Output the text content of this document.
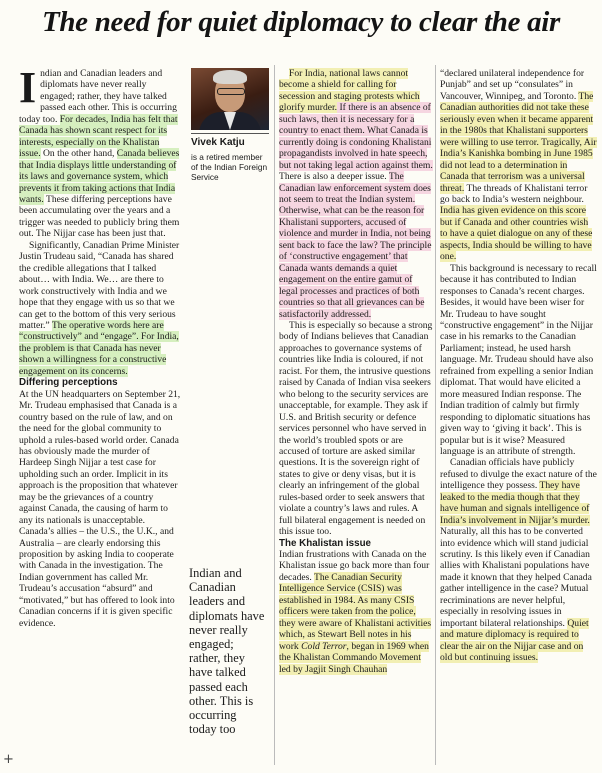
The need for quiet diplomacy to clear the air

Indian and Canadian leaders and diplomats have never really engaged; rather, they have talked passed each other. This is occurring today too. For decades, India has felt that Canada has shown scant respect for its interests, especially on the Khalistan issue. On the other hand, Canada believes that India displays little understanding of its laws and governance system, which prevents it from taking actions that India wants. These differing perceptions have been accumulating over the years and a trigger was needed to publicly bring them out. The Nijjar case has been just that.

Significantly, Canadian Prime Minister Justin Trudeau said, “Canada has shared the credible allegations that I talked about… with India. We… are there to work constructively with India and we hope that they engage with us so that we can get to the bottom of this very serious matter.” The operative words here are “constructively” and “engage”. For India, the problem is that Canada has never shown a willingness for a constructive engagement on its concerns.

Differing perceptions

At the UN headquarters on September 21, Mr. Trudeau emphasised that Canada is a country based on the rule of law, and on the need for the global community to uphold a rules-based world order. Canada has obviously made the murder of Hardeep Singh Nijjar a test case for upholding such an order. Implicit in its approach is the proposition that whatever may be the grievances of a country against Canada, the causing of harm to any its nationals is unacceptable. Canada’s allies – the U.S., the U.K., and Australia – are clearly endorsing this proposition by asking India to cooperate with Canada in the investigation. The Indian government has called Mr. Trudeau’s accusation “absurd” and “motivated,” but has offered to look into Canadian concerns if it is given specific evidence.

Vivek Katju
is a retired member of the Indian Foreign Service
Indian and Canadian leaders and diplomats have never really engaged; rather, they have talked passed each other. This is occurring today too

For India, national laws cannot become a shield for calling for secession and staging protests which glorify murder. If there is an absence of such laws, then it is necessary for a country to enact them. What Canada is currently doing is condoning Khalistani propagandists involved in hate speech, but not taking legal action against them. There is also a deeper issue. The Canadian law enforcement system does not seem to treat the Indian system. Otherwise, what can be the reason for Khalistani supporters, accused of violence and murder in India, not being sent back to face the law? The principle of ‘constructive engagement’ that Canada wants demands a quiet engagement on the entire gamut of legal processes and practices of both countries so that all grievances can be satisfactorily addressed.

This is especially so because a strong body of Indians believes that Canadian approaches to governance systems of countries like India is coloured, if not racist. For them, the intrusive questions raised by Canada of Indian visa seekers who belong to the security services are unacceptable, for example. They ask if U.S. and British security or defence services personnel who have served in the world’s troubled spots or are accused of torture are asked similar questions. It is the sovereign right of states to give or deny visas, but it is clearly an infringement of the global rules-based order to seek answers that violate a country’s laws and rules. A full bilateral engagement is needed on this issue too.

The Khalistan issue

Indian frustrations with Canada on the Khalistan issue go back more than four decades. The Canadian Security Intelligence Service (CSIS) was established in 1984. As many CSIS officers were taken from the police, they were aware of Khalistani activities which, as Stewart Bell notes in his work Cold Terror, began in 1969 when the Khalistan Commando Movement led by Jagjit Singh Chauhan

“declared unilateral independence for Punjab” and set up “consulates” in Vancouver, Winnipeg, and Toronto. The Canadian authorities did not take these seriously even when it became apparent in the 1980s that Khalistani supporters were willing to use terror. Tragically, Air India’s Kanishka bombing in June 1985 did not lead to a determination in Canada that terrorism was a universal threat. The threads of Khalistani terror go back to India’s western neighbour. India has given evidence on this score but if Canada and other countries wish to have a quiet dialogue on any of these aspects, India should be willing to have one.

This background is necessary to recall because it has contributed to Indian responses to Canada’s recent charges. Besides, it would have been wiser for Mr. Trudeau to have sought “constructive engagement” in the Nijjar case in his remarks to the Canadian Parliament; instead, he used harsh language. Mr. Trudeau should have also refrained from expelling a senior Indian diplomat. That would have elicited a more measured Indian response. The Indian tradition of calmly but firmly responding to diplomatic situations has given way to ‘giving it back’. This is popular but is it wise? Measured language is an attribute of strength.

Canadian officials have publicly refused to divulge the exact nature of the intelligence they possess. They have leaked to the media though that they have human and signals intelligence of India’s involvement in Nijjar’s murder. Naturally, all this has to be converted into evidence which will stand judicial scrutiny. Is this likely even if Canadian allies with Khalistani populations have made it known that they helped Canada gather intelligence in the case? Mutual recriminations are never helpful, especially in resolving issues in important bilateral relationships. Quiet and mature diplomacy is required to clear the air on the Nijjar case and on old but continuing issues.

+
